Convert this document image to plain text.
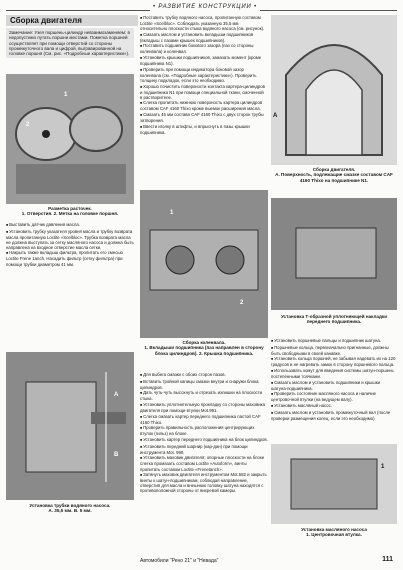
• РАЗВИТИЕ КОНСТРУКЦИИ •
Сборка двигателя

Замечание: Узел поршень-цилиндр невзаимозаменяем: в недопустимо путать поршни местами. Пометка поршней осуществляет при помощи отверстий со стороны промежуточного вала и цифрой, выгравированной на головке поршня (См. рис. «Подробные характеристики»).

1
2
Разметка расточек.
1. Отверстия. 2. Метка на головке поршня.

■ Выставить датчик давления масла.

■ Установить трубку указателя уровня масла и трубку возврата масла пропитанную Loctite «Scelbloc». Трубка возврата масла не должна выступать за сетку масляного насоса и должна быть направлена на входное отверстие масла сетки.

■ Накрыть также вкладыш фильтра, пропитать его смесью Loctite Frene 1anch. Насадить фильтр (сетку фильтра) при помощи трубки диаметром 41 мм.

A
B
Установка трубки водяного насоса.
А. 35,5 мм. В. 5 мм.

■ Поставить трубку водяного насоса, пропитанную составом Loctite «Scelbloc». Соблюдать указанную 35,5 мм относительно плоскости стыка водяного насоса (см. рисунок).

■ Смазать маслом и установить вкладыши подшипников (вкладыш с пазами крышек подшипников).

■ Поставить подшипник бокового зазора (паз со стороны коленвала) и коленвал.

■ Установить крышки подшипников, замазать момент (кроме подшипника N1).

■ Проверить при помощи индикатора боковой зазор коленвала (см. «Подробные характеристики»). Проверить толщину подкладок, если это необходимо.

■ Хорошо почистить поверхности контакта картера-цилиндров и подшипника N1 при помощи специальной ткани, смоченной в растворителе.

■ Слегка пропитать нижнюю поверхность картера цилиндров составом CAF 4160 Thixo кроме выемок расширения масла.

■ Смазать 45 мм состава CAF 4160 Thixo с двух сторон трубы затворения.

■ Ввести иголку в штифты, и впрыснуть в пазы крышки подшипника.

A
Сборка двигателя.
А. Поверхность, подлежащие смазке составом CAF 4160 Thixo на подшипнике N1.
1
2
Установка Т-образной уплотняющей накладки переднего подшипника.
Сборка коленвала.
1. Вкладыши подшипника (паз направлен в сторону блока цилиндров). 2. Крышка подшипника.

■ Для выбега смазки с обоих сторон пазов.

■ Вставить тройной капицы смазки внутри и снаружи блока цилиндров.

■ Дать чуть-чуть высохнуть и отрезать излишки на плоскости стыка.

■ Установить уплотнительную прокладку со стороны маховика двигателя при помощи втулки Mot.991.

■ Слегка смазать картер переднего подшипника пастой CAF 4160 Thixo.

■ Проверить правильность расположения центрирующих втулок (гильз) на блоке.

■ Установить картер переднего подшипника на блок цилиндров.

■ Установить передний шарнир (кар-дан) при помощи инструмента Mot. 990.

■ Установить маховик двигателя; опорные плоскости на блоке слегка промазать составом Loctite «Autoform», винты пропитать составом Loctite «Frenetanch».

■ Затянуть маховик двигателя инструментом Mot.582 и закрыть винты к шатун-подшипникам, соблюдая направление, отверстия для масла и внешнюю головку шатуна находятся с противоположной стороны от вихревой камеры.

■ Установить поршневые пальцы и подшипник шатуна.

■ Поршневые кольца, первоначально пригнанные, должны быть свободными в своей канавке.

■ Установить кольца поршней, не забывая надевать их на 120 градусов и не нагревать замок в сторону поршневого пальца.

■ Использовать хомут для введения системы шатун-поршень постепенными толчками.

■ Смазать маслом и установить подшипники и крышки шатуна-подшипника.

■ Проверить состояние масляного насоса и наличие центровочной втулки (на ведущем валу).

■ Установить масляный насос.

■ Смазать маслом и установить промежуточный вал (после проверки размещения колец, если это необходимо)

1
Установка масляного насоса
1. Центровочная втулка.
Автомобили "Рено 21" и "Невада"	111
